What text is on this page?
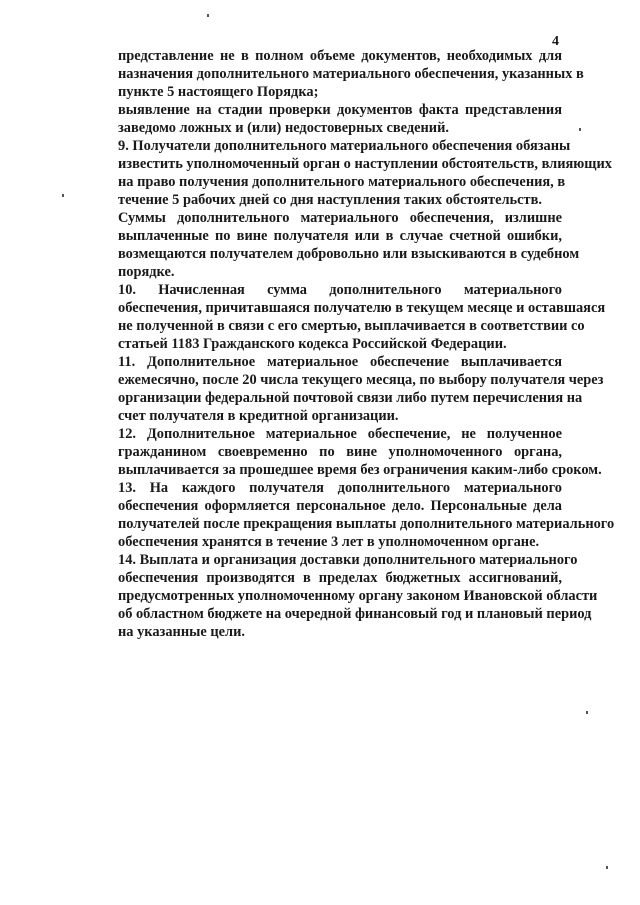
4
представление не в полном объеме документов, необходимых для
назначения дополнительного материального обеспечения, указанных в
пункте 5 настоящего Порядка;
выявление на стадии проверки документов факта представления
заведомо ложных и (или) недостоверных сведений.
9. Получатели дополнительного материального обеспечения обязаны
известить уполномоченный орган о наступлении обстоятельств, влияющих
на право получения дополнительного материального обеспечения, в
течение 5 рабочих дней со дня наступления таких обстоятельств.
Суммы дополнительного материального обеспечения, излишне
выплаченные по вине получателя или в случае счетной ошибки,
возмещаются получателем добровольно или взыскиваются в судебном
порядке.
10. Начисленная сумма дополнительного материального
обеспечения, причитавшаяся получателю в текущем месяце и оставшаяся
не полученной в связи с его смертью, выплачивается в соответствии со
статьей 1183 Гражданского кодекса Российской Федерации.
11. Дополнительное материальное обеспечение выплачивается
ежемесячно, после 20 числа текущего месяца, по выбору получателя через
организации федеральной почтовой связи либо путем перечисления на
счет получателя в кредитной организации.
12. Дополнительное материальное обеспечение, не полученное
гражданином своевременно по вине уполномоченного органа,
выплачивается за прошедшее время без ограничения каким-либо сроком.
13. На каждого получателя дополнительного материального
обеспечения оформляется персональное дело. Персональные дела
получателей после прекращения выплаты дополнительного материального
обеспечения хранятся в течение 3 лет в уполномоченном органе.
14. Выплата и организация доставки дополнительного материального
обеспечения производятся в пределах бюджетных ассигнований,
предусмотренных уполномоченному органу законом Ивановской области
об областном бюджете на очередной финансовый год и плановый период
на указанные цели.
